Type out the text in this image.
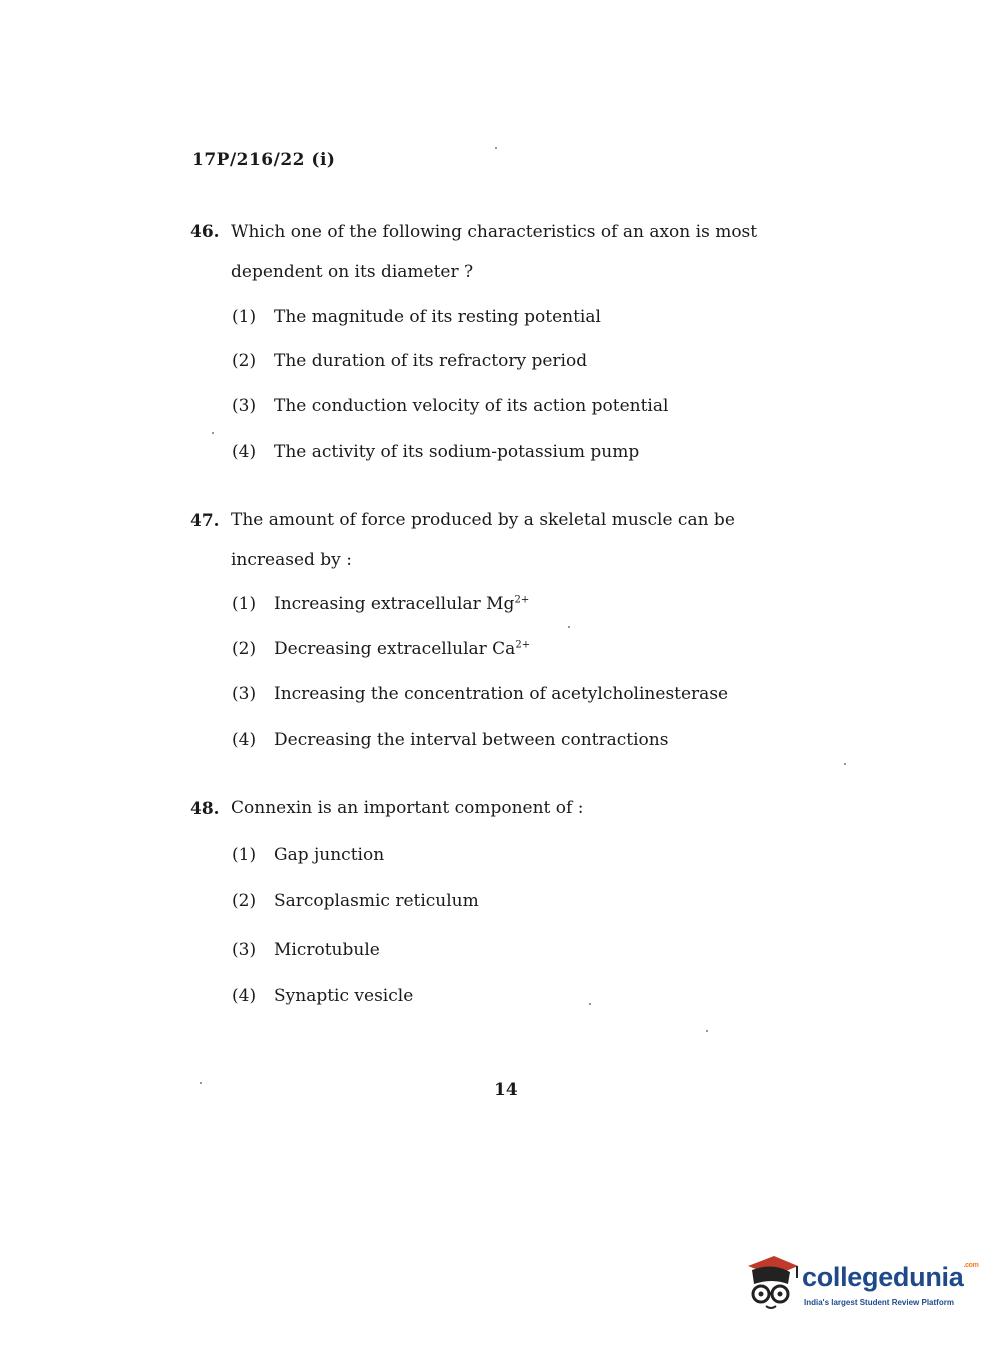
17P/216/22 (i)
46. Which one of the following characteristics of an axon is most dependent on its diameter ?
(1) The magnitude of its resting potential
(2) The duration of its refractory period
(3) The conduction velocity of its action potential
(4) The activity of its sodium-potassium pump
47. The amount of force produced by a skeletal muscle can be increased by :
(1) Increasing extracellular $Mg^{2+}$
(2) Decreasing extracellular $Ca^{2+}$
(3) Increasing the concentration of acetylcholinesterase
(4) Decreasing the interval between contractions
48. Connexin is an important component of :
(1) Gap junction
(2) Sarcoplasmic reticulum
(3) Microtubule
(4) Synaptic vesicle
14
collegedunia$^{.com}$
India's largest Student Review Platform
